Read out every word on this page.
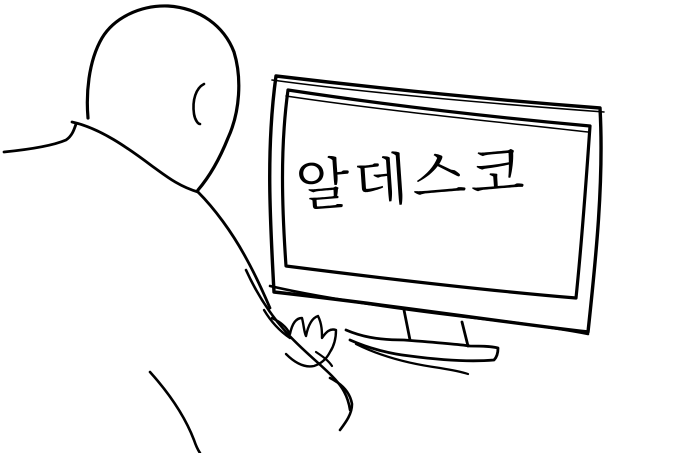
알데스코
